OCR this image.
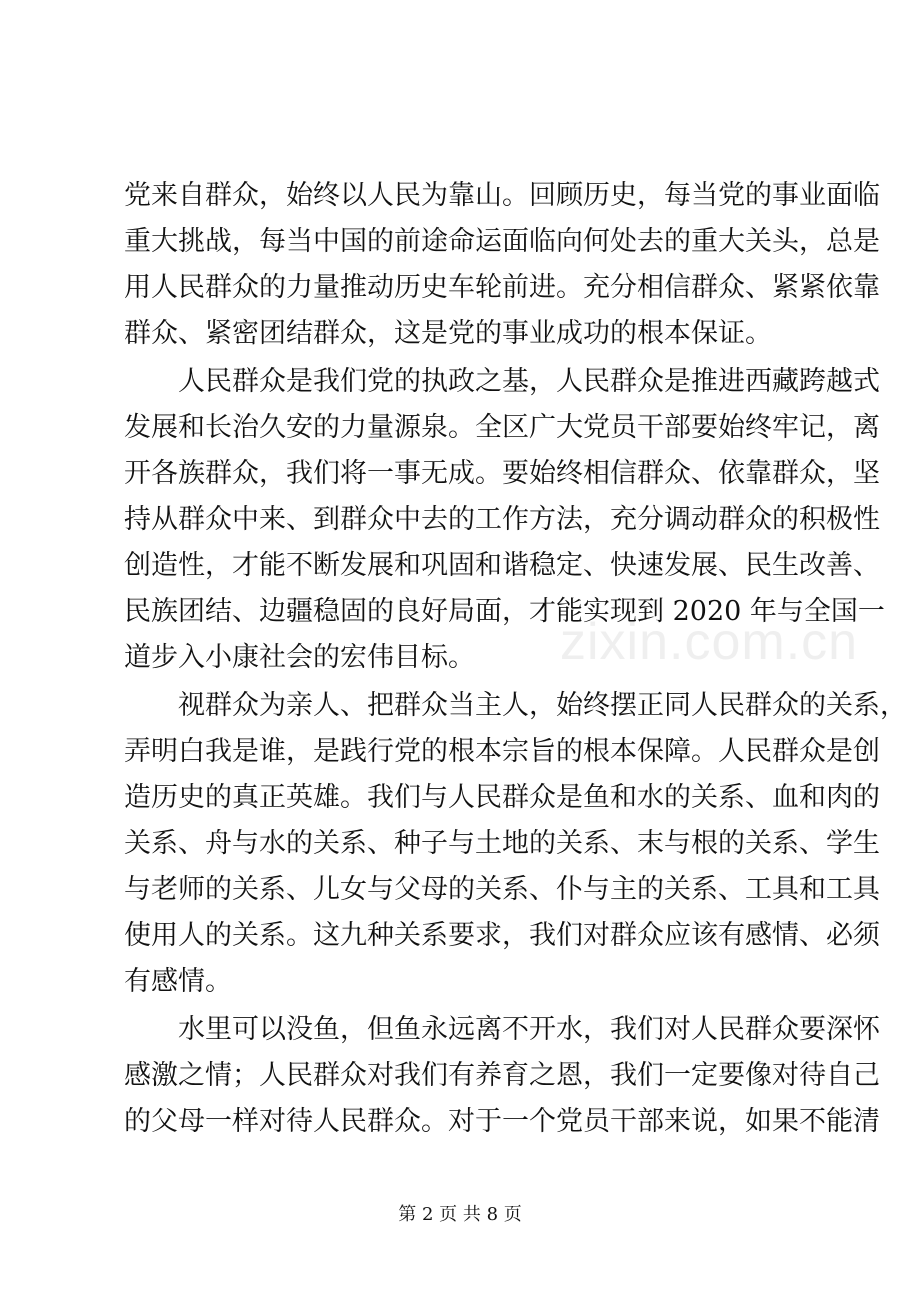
党来自群众，始终以人民为靠山。回顾历史，每当党的事业面临
重大挑战，每当中国的前途命运面临向何处去的重大关头，总是
用人民群众的力量推动历史车轮前进。充分相信群众、紧紧依靠
群众、紧密团结群众，这是党的事业成功的根本保证。
人民群众是我们党的执政之基，人民群众是推进西藏跨越式
发展和长治久安的力量源泉。全区广大党员干部要始终牢记，离
开各族群众，我们将一事无成。要始终相信群众、依靠群众，坚
持从群众中来、到群众中去的工作方法，充分调动群众的积极性
创造性，才能不断发展和巩固和谐稳定、快速发展、民生改善、
民族团结、边疆稳固的良好局面，才能实现到 2020 年与全国一
道步入小康社会的宏伟目标。
视群众为亲人、把群众当主人，始终摆正同人民群众的关系，
弄明白我是谁，是践行党的根本宗旨的根本保障。人民群众是创
造历史的真正英雄。我们与人民群众是鱼和水的关系、血和肉的
关系、舟与水的关系、种子与土地的关系、末与根的关系、学生
与老师的关系、儿女与父母的关系、仆与主的关系、工具和工具
使用人的关系。这九种关系要求，我们对群众应该有感情、必须
有感情。
水里可以没鱼，但鱼永远离不开水，我们对人民群众要深怀
感激之情；人民群众对我们有养育之恩，我们一定要像对待自己
的父母一样对待人民群众。对于一个党员干部来说，如果不能清
zixin.com.cn
第 2 页 共 8 页
